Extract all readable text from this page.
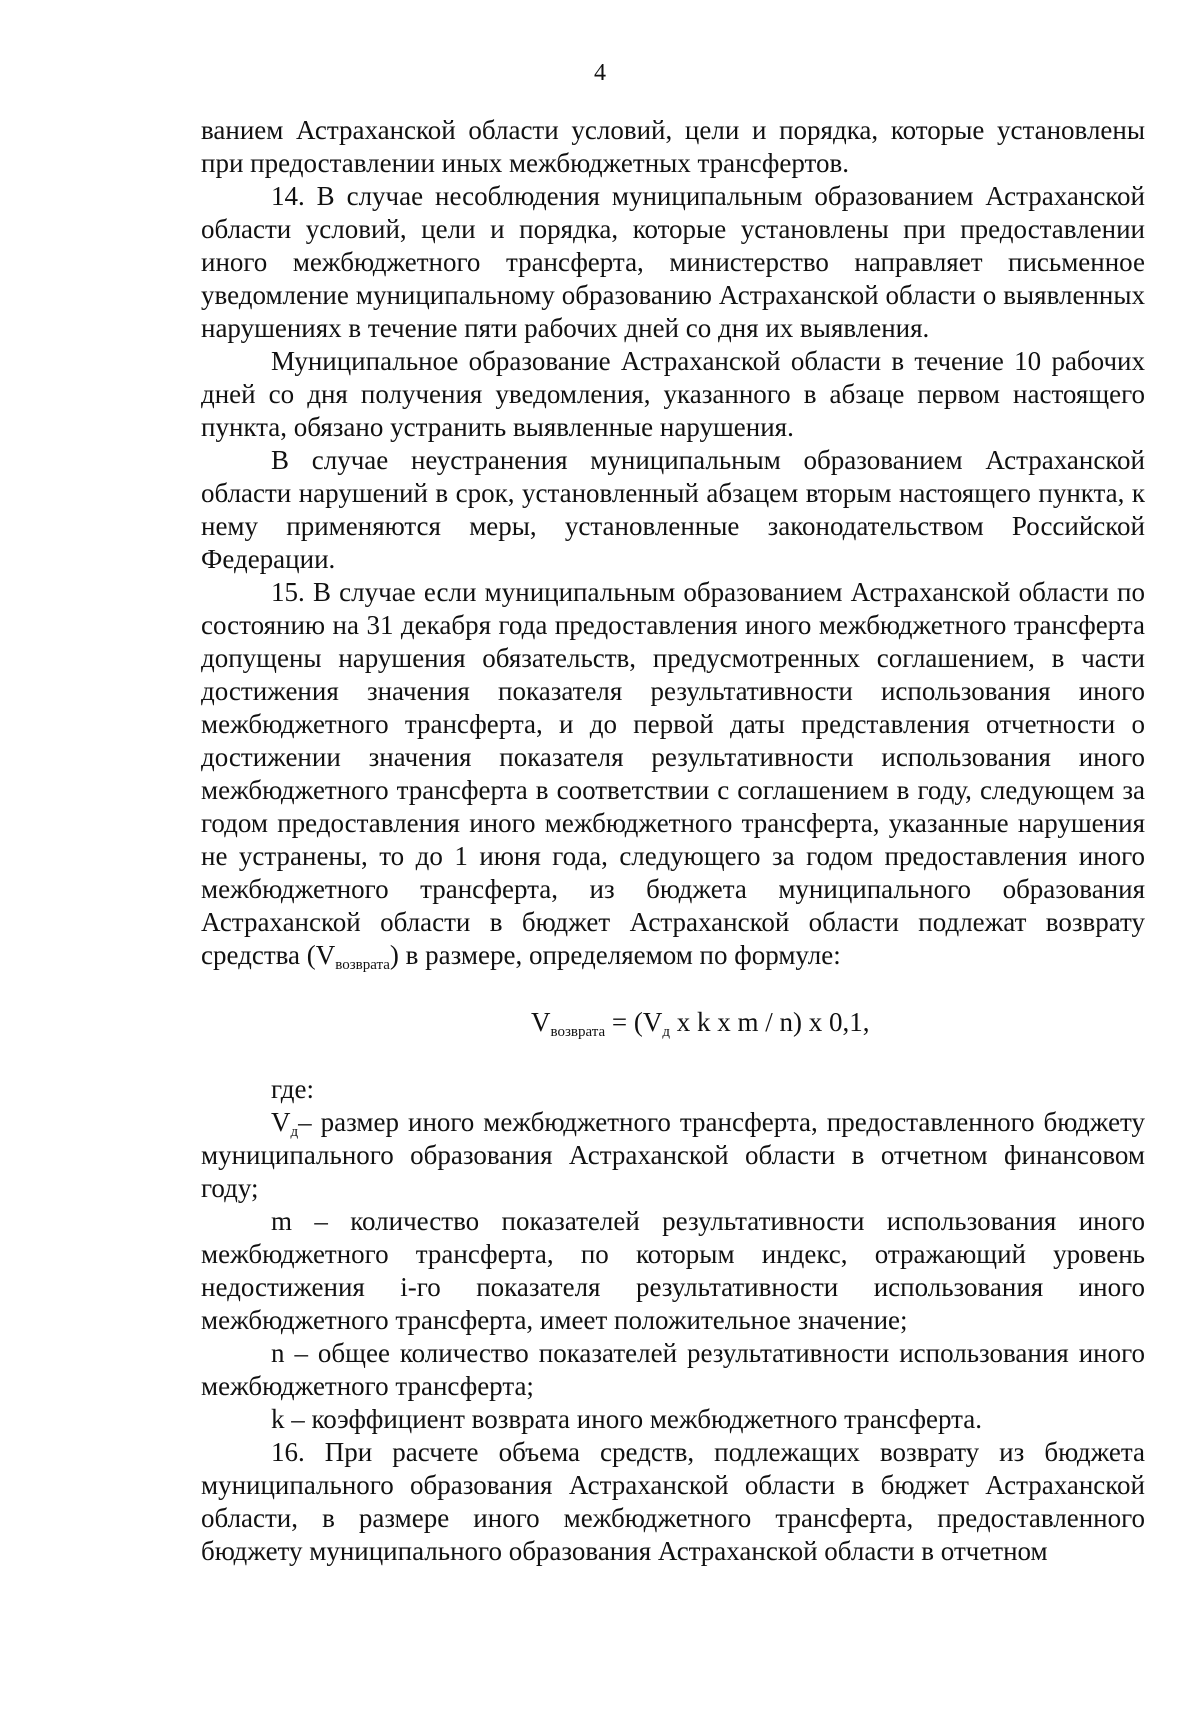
4

ванием Астраханской области условий, цели и порядка, которые установлены при предоставлении иных межбюджетных трансфертов.

14. В случае несоблюдения муниципальным образованием Астраханской области условий, цели и порядка, которые установлены при предоставлении иного межбюджетного трансферта, министерство направляет письменное уведомление муниципальному образованию Астраханской области о выявленных нарушениях в течение пяти рабочих дней со дня их выявления.

Муниципальное образование Астраханской области в течение 10 рабочих дней со дня получения уведомления, указанного в абзаце первом настоящего пункта, обязано устранить выявленные нарушения.

В случае неустранения муниципальным образованием Астраханской области нарушений в срок, установленный абзацем вторым настоящего пункта, к нему применяются меры, установленные законодательством Российской Федерации.

15. В случае если муниципальным образованием Астраханской области по состоянию на 31 декабря года предоставления иного межбюджетного трансферта допущены нарушения обязательств, предусмотренных соглашением, в части достижения значения показателя результативности использования иного межбюджетного трансферта, и до первой даты представления отчетности о достижении значения показателя результативности использования иного межбюджетного трансферта в соответствии с соглашением в году, следующем за годом предоставления иного межбюджетного трансферта, указанные нарушения не устранены, то до 1 июня года, следующего за годом предоставления иного межбюджетного трансферта, из бюджета муниципального образования Астраханской области в бюджет Астраханской области подлежат возврату средства $(V_{возврата})$ в размере, определяемом по формуле:

$V_{возврата} = (V_д$ x k x m / n) x 0,1,

где:

$V_д-$ размер иного межбюджетного трансферта, предоставленного бюджету муниципального образования Астраханской области в отчетном финансовом году;

m – количество показателей результативности использования иного межбюджетного трансферта, по которым индекс, отражающий уровень недостижения i-го показателя результативности использования иного межбюджетного трансферта, имеет положительное значение;

n – общее количество показателей результативности использования иного межбюджетного трансферта;

k – коэффициент возврата иного межбюджетного трансферта.

16. При расчете объема средств, подлежащих возврату из бюджета муниципального образования Астраханской области в бюджет Астраханской области, в размере иного межбюджетного трансферта, предоставленного бюджету муниципального образования Астраханской области в отчетном
